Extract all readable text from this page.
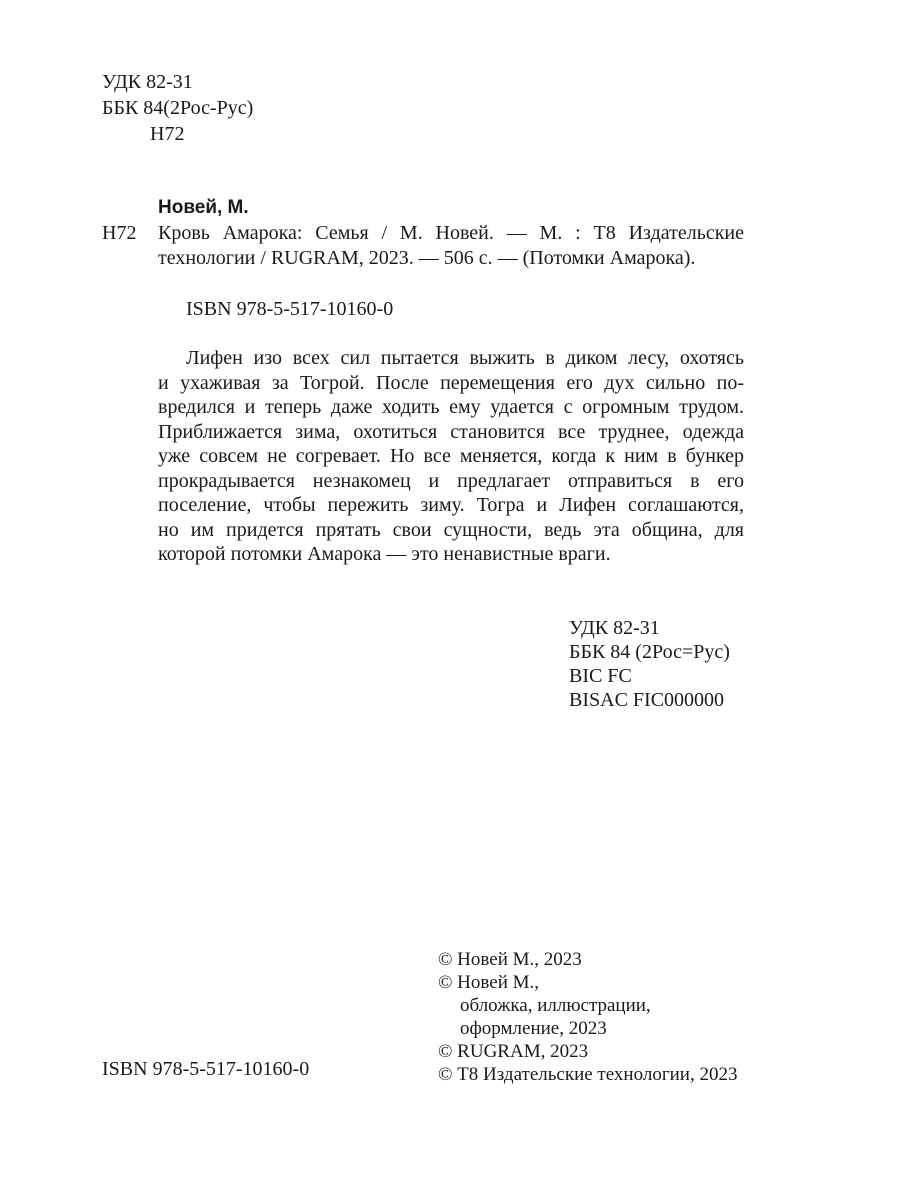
УДК 82-31
ББК 84(2Рос-Рус)
Н72
Новей, М.
Н72 Кровь Амарока: Семья / М. Новей. — М. : Т8 Издательские
технологии / RUGRAM, 2023. — 506 с. — (Потомки Амарока).
ISBN 978-5-517-10160-0
Лифен изо всех сил пытается выжить в диком лесу, охотясь
и ухаживая за Тогрой. После перемещения его дух сильно по-
вредился и теперь даже ходить ему удается с огромным трудом.
Приближается зима, охотиться становится все труднее, одежда
уже совсем не согревает. Но все меняется, когда к ним в бункер
прокрадывается незнакомец и предлагает отправиться в его
поселение, чтобы пережить зиму. Тогра и Лифен соглашаются,
но им придется прятать свои сущности, ведь эта община, для
которой потомки Амарока — это ненавистные враги.
УДК 82-31
ББК 84 (2Рос=Рус)
BIC FC
BISAC FIC000000
ISBN 978-5-517-10160-0
© Новей М., 2023
© Новей М.,
обложка, иллюстрации,
оформление, 2023
© RUGRAM, 2023
© Т8 Издательские технологии, 2023
